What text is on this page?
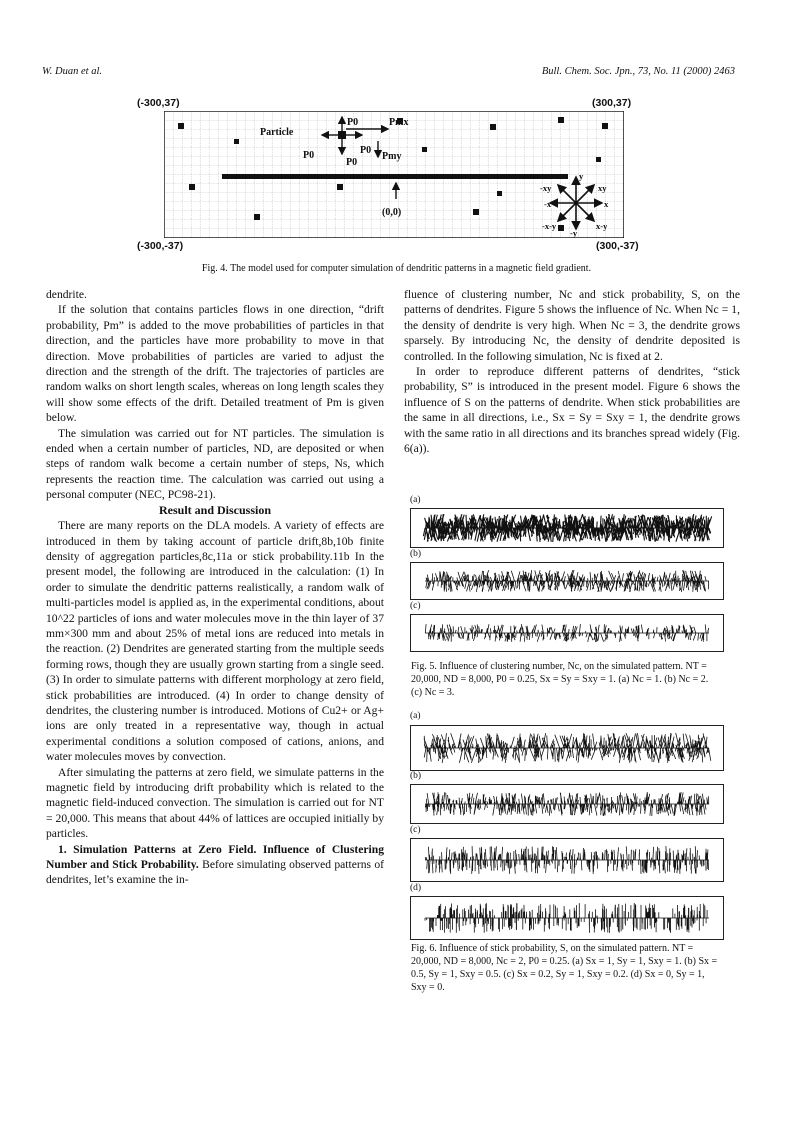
W. Duan et al.	Bull. Chem. Soc. Jpn., 73, No. 11 (2000) 2463
(-300,37)	(300,37)
(-300,-37)	(300,-37)
Particle
P0
P0	P0
P0
Pmx
Pmy
(0,0)
-xy	xy
-x	x
y
-x-y
-y
x-y
Fig. 4. The model used for computer simulation of dendritic patterns in a magnetic field gradient.

dendrite.

If the solution that contains particles flows in one direction, “drift probability, Pm” is added to the move probabilities of particles in that direction, and the particles have more probability to move in that direction. Move probabilities of particles are varied to adjust the direction and the strength of the drift. The trajectories of particles are random walks on short length scales, whereas on long length scales they will show some effects of the drift. Detailed treatment of Pm is given below.

The simulation was carried out for NT particles. The simulation is ended when a certain number of particles, ND, are deposited or when steps of random walk become a certain number of steps, Ns, which represents the reaction time. The calculation was carried out using a personal computer (NEC, PC98-21).

Result and Discussion

There are many reports on the DLA models. A variety of effects are introduced in them by taking account of particle drift,8b,10b finite density of aggregation particles,8c,11a or stick probability.11b In the present model, the following are introduced in the calculation: (1) In order to simulate the dendritic patterns realistically, a random walk of multi-particles model is applied as, in the experimental conditions, about 10^22 particles of ions and water molecules move in the thin layer of 37 mm×300 mm and about 25% of metal ions are reduced into metals in the reaction. (2) Dendrites are generated starting from the multiple seeds forming rows, though they are usually grown starting from a single seed. (3) In order to simulate patterns with different morphology at zero field, stick probabilities are introduced. (4) In order to change density of dendrites, the clustering number is introduced. Motions of Cu2+ or Ag+ ions are only treated in a representative way, though in actual experimental conditions a solution composed of cations, anions, and water molecules moves by convection.

After simulating the patterns at zero field, we simulate patterns in the magnetic field by introducing drift probability which is related to the magnetic field-induced convection. The simulation is carried out for NT = 20,000. This means that about 44% of lattices are occupied initially by particles.

1. Simulation Patterns at Zero Field. Influence of Clustering Number and Stick Probability. Before simulating observed patterns of dendrites, let’s examine the in-

fluence of clustering number, Nc and stick probability, S, on the patterns of dendrites. Figure 5 shows the influence of Nc. When Nc = 1, the density of dendrite is very high. When Nc = 3, the dendrite grows sparsely. By introducing Nc, the density of dendrite deposited is controlled. In the following simulation, Nc is fixed at 2.

In order to reproduce different patterns of dendrites, “stick probability, S” is introduced in the present model. Figure 6 shows the influence of S on the patterns of dendrite. When stick probabilities are the same in all directions, i.e., Sx = Sy = Sxy = 1, the dendrite grows with the same ratio in all directions and its branches spread widely (Fig. 6(a)).

(a)
(b)
(c)
Fig. 5. Influence of clustering number, Nc, on the simulated pattern. NT = 20,000, ND = 8,000, P0 = 0.25, Sx = Sy = Sxy = 1. (a) Nc = 1. (b) Nc = 2. (c) Nc = 3.
(a)
(b)
(c)
(d)
Fig. 6. Influence of stick probability, S, on the simulated pattern. NT = 20,000, ND = 8,000, Nc = 2, P0 = 0.25. (a) Sx = 1, Sy = 1, Sxy = 1. (b) Sx = 0.5, Sy = 1, Sxy = 0.5. (c) Sx = 0.2, Sy = 1, Sxy = 0.2. (d) Sx = 0, Sy = 1, Sxy = 0.
